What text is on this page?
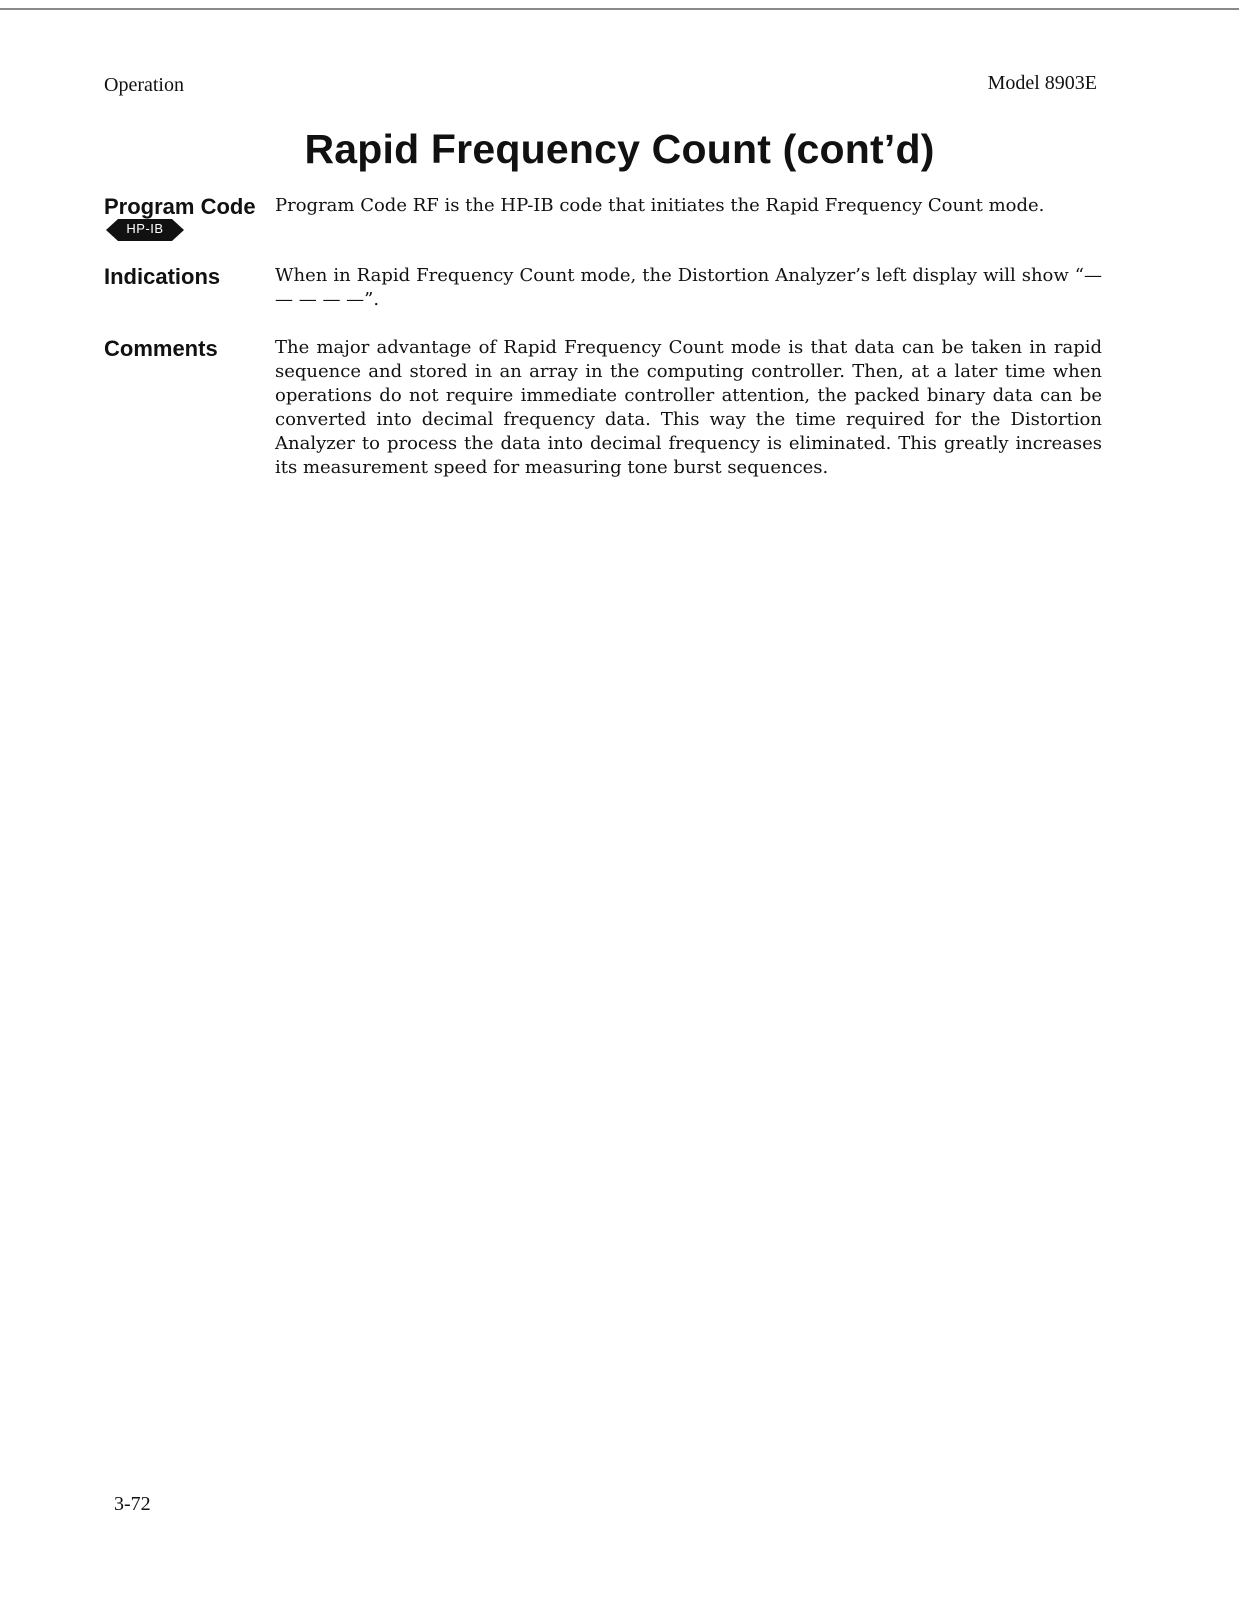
Operation	Model 8903E
Rapid Frequency Count (cont’d)
Program Code
HP-IB
Program Code RF is the HP-IB code that initiates the Rapid Frequency Count mode.
Indications	When in Rapid Frequency Count mode, the Distortion Analyzer’s left display will show “— — — — —”.
Comments	The major advantage of Rapid Frequency Count mode is that data can be taken in rapid sequence and stored in an array in the computing controller. Then, at a later time when operations do not require immediate controller attention, the packed binary data can be converted into decimal frequency data. This way the time required for the Distortion Analyzer to process the data into decimal frequency is eliminated. This greatly increases its measurement speed for measuring tone burst sequences.
3-72
